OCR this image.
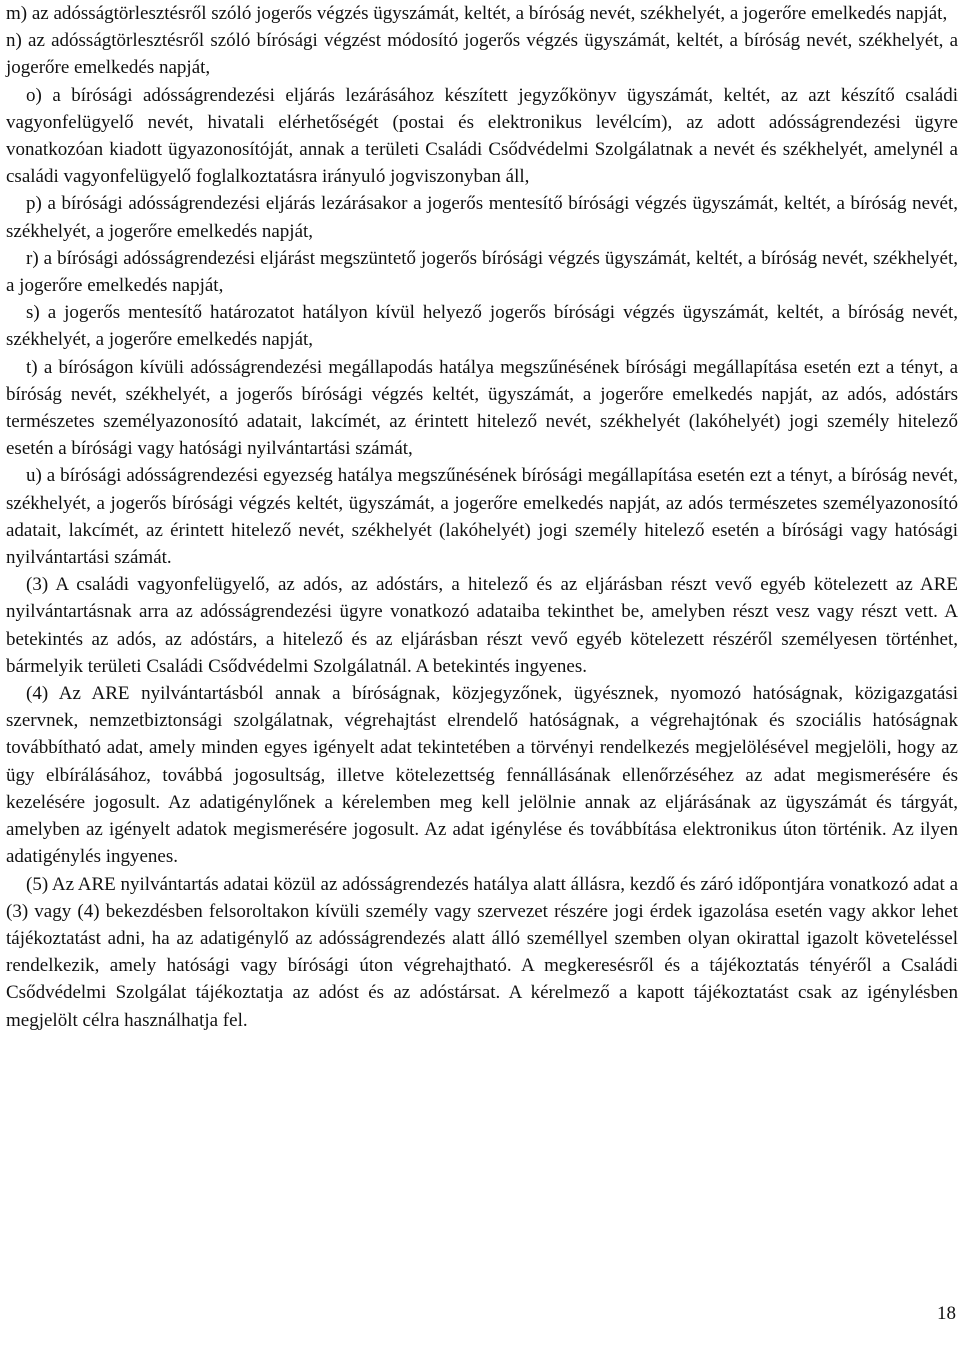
m) az adósságtörlesztésről szóló jogerős végzés ügyszámát, keltét, a bíróság nevét, székhelyét, a jogerőre emelkedés napját,

n) az adósságtörlesztésről szóló bírósági végzést módosító jogerős végzés ügyszámát, keltét, a bíróság nevét, székhelyét, a jogerőre emelkedés napját,

o) a bírósági adósságrendezési eljárás lezárásához készített jegyzőkönyv ügyszámát, keltét, az azt készítő családi vagyonfelügyelő nevét, hivatali elérhetőségét (postai és elektronikus levélcím), az adott adósságrendezési ügyre vonatkozóan kiadott ügyazonosítóját, annak a területi Családi Csődvédelmi Szolgálatnak a nevét és székhelyét, amelynél a családi vagyonfelügyelő foglalkoztatásra irányuló jogviszonyban áll,

p) a bírósági adósságrendezési eljárás lezárásakor a jogerős mentesítő bírósági végzés ügyszámát, keltét, a bíróság nevét, székhelyét, a jogerőre emelkedés napját,

r) a bírósági adósságrendezési eljárást megszüntető jogerős bírósági végzés ügyszámát, keltét, a bíróság nevét, székhelyét, a jogerőre emelkedés napját,

s) a jogerős mentesítő határozatot hatályon kívül helyező jogerős bírósági végzés ügyszámát, keltét, a bíróság nevét, székhelyét, a jogerőre emelkedés napját,

t) a bíróságon kívüli adósságrendezési megállapodás hatálya megszűnésének bírósági megállapítása esetén ezt a tényt, a bíróság nevét, székhelyét, a jogerős bírósági végzés keltét, ügyszámát, a jogerőre emelkedés napját, az adós, adóstárs természetes személyazonosító adatait, lakcímét, az érintett hitelező nevét, székhelyét (lakóhelyét) jogi személy hitelező esetén a bírósági vagy hatósági nyilvántartási számát,

u) a bírósági adósságrendezési egyezség hatálya megszűnésének bírósági megállapítása esetén ezt a tényt, a bíróság nevét, székhelyét, a jogerős bírósági végzés keltét, ügyszámát, a jogerőre emelkedés napját, az adós természetes személyazonosító adatait, lakcímét, az érintett hitelező nevét, székhelyét (lakóhelyét) jogi személy hitelező esetén a bírósági vagy hatósági nyilvántartási számát.

(3) A családi vagyonfelügyelő, az adós, az adóstárs, a hitelező és az eljárásban részt vevő egyéb kötelezett az ARE nyilvántartásnak arra az adósságrendezési ügyre vonatkozó adataiba tekinthet be, amelyben részt vesz vagy részt vett. A betekintés az adós, az adóstárs, a hitelező és az eljárásban részt vevő egyéb kötelezett részéről személyesen történhet, bármelyik területi Családi Csődvédelmi Szolgálatnál. A betekintés ingyenes.

(4) Az ARE nyilvántartásból annak a bíróságnak, közjegyzőnek, ügyésznek, nyomozó hatóságnak, közigazgatási szervnek, nemzetbiztonsági szolgálatnak, végrehajtást elrendelő hatóságnak, a végrehajtónak és szociális hatóságnak továbbítható adat, amely minden egyes igényelt adat tekintetében a törvényi rendelkezés megjelölésével megjelöli, hogy az ügy elbírálásához, továbbá jogosultság, illetve kötelezettség fennállásának ellenőrzéséhez az adat megismerésére és kezelésére jogosult. Az adatigénylőnek a kérelemben meg kell jelölnie annak az eljárásának az ügyszámát és tárgyát, amelyben az igényelt adatok megismerésére jogosult. Az adat igénylése és továbbítása elektronikus úton történik. Az ilyen adatigénylés ingyenes.

(5) Az ARE nyilvántartás adatai közül az adósságrendezés hatálya alatt állásra, kezdő és záró időpontjára vonatkozó adat a (3) vagy (4) bekezdésben felsoroltakon kívüli személy vagy szervezet részére jogi érdek igazolása esetén vagy akkor lehet tájékoztatást adni, ha az adatigénylő az adósságrendezés alatt álló személlyel szemben olyan okirattal igazolt követeléssel rendelkezik, amely hatósági vagy bírósági úton végrehajtható. A megkeresésről és a tájékoztatás tényéről a Családi Csődvédelmi Szolgálat tájékoztatja az adóst és az adóstársat. A kérelmező a kapott tájékoztatást csak az igénylésben megjelölt célra használhatja fel.

18
